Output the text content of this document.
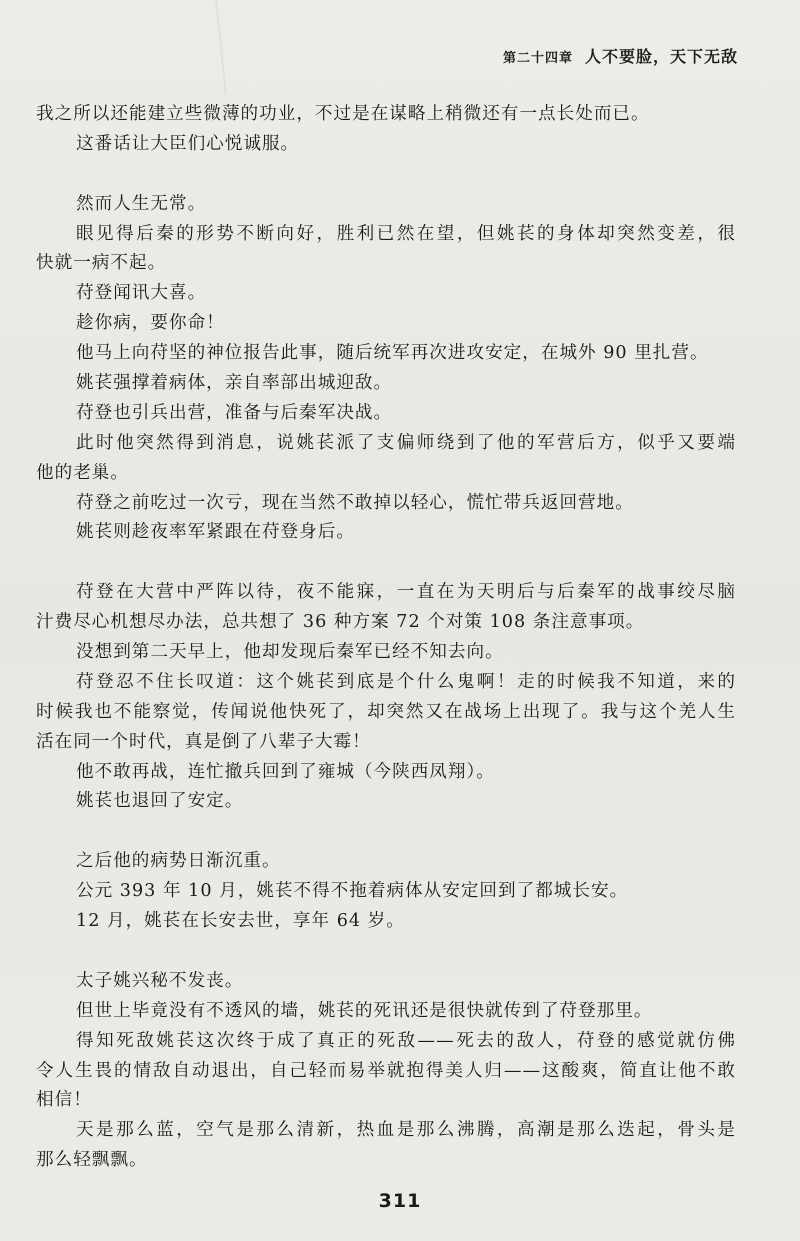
第二十四章 人不要脸，天下无敌
我之所以还能建立些微薄的功业，不过是在谋略上稍微还有一点长处而已。
这番话让大臣们心悦诚服。
然而人生无常。
眼见得后秦的形势不断向好，胜利已然在望，但姚苌的身体却突然变差，很
快就一病不起。
苻登闻讯大喜。
趁你病，要你命！
他马上向苻坚的神位报告此事，随后统军再次进攻安定，在城外 90 里扎营。
姚苌强撑着病体，亲自率部出城迎敌。
苻登也引兵出营，准备与后秦军决战。
此时他突然得到消息，说姚苌派了支偏师绕到了他的军营后方，似乎又要端
他的老巢。
苻登之前吃过一次亏，现在当然不敢掉以轻心，慌忙带兵返回营地。
姚苌则趁夜率军紧跟在苻登身后。
苻登在大营中严阵以待，夜不能寐，一直在为天明后与后秦军的战事绞尽脑
汁费尽心机想尽办法，总共想了 36 种方案 72 个对策 108 条注意事项。
没想到第二天早上，他却发现后秦军已经不知去向。
苻登忍不住长叹道：这个姚苌到底是个什么鬼啊！走的时候我不知道，来的
时候我也不能察觉，传闻说他快死了，却突然又在战场上出现了。我与这个羌人生
活在同一个时代，真是倒了八辈子大霉！
他不敢再战，连忙撤兵回到了雍城（今陕西凤翔）。
姚苌也退回了安定。
之后他的病势日渐沉重。
公元 393 年 10 月，姚苌不得不拖着病体从安定回到了都城长安。
12 月，姚苌在长安去世，享年 64 岁。
太子姚兴秘不发丧。
但世上毕竟没有不透风的墙，姚苌的死讯还是很快就传到了苻登那里。
得知死敌姚苌这次终于成了真正的死敌——死去的敌人，苻登的感觉就仿佛
令人生畏的情敌自动退出，自己轻而易举就抱得美人归——这酸爽，简直让他不敢
相信！
天是那么蓝，空气是那么清新，热血是那么沸腾，高潮是那么迭起，骨头是
那么轻飘飘。
311
